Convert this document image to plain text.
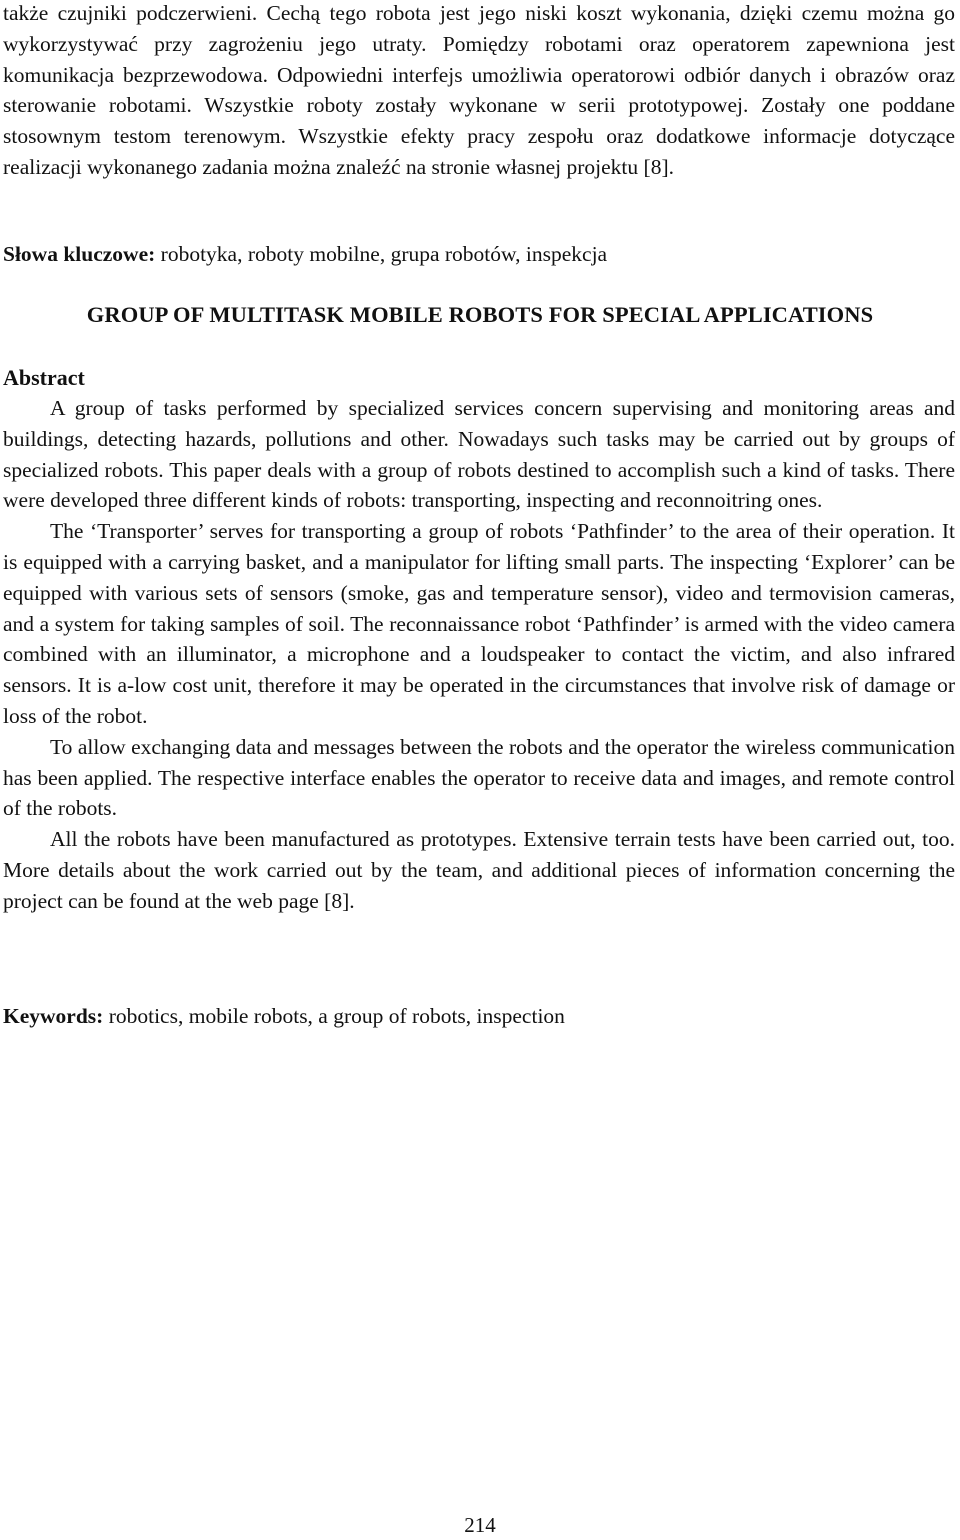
także czujniki podczerwieni. Cechą tego robota jest jego niski koszt wykonania, dzięki czemu można go wykorzystywać przy zagrożeniu jego utraty. Pomiędzy robotami oraz operatorem zapewniona jest komunikacja bezprzewodowa. Odpowiedni interfejs umożliwia operatorowi odbiór danych i obrazów oraz sterowanie robotami. Wszystkie roboty zostały wykonane w serii prototypowej. Zostały one poddane stosownym testom terenowym. Wszystkie efekty pracy zespołu oraz dodatkowe informacje dotyczące realizacji wykonanego zadania można znaleźć na stronie własnej projektu [8].

Słowa kluczowe: robotyka, roboty mobilne, grupa robotów, inspekcja

GROUP OF MULTITASK MOBILE ROBOTS FOR SPECIAL APPLICATIONS
Abstract

A group of tasks performed by specialized services concern supervising and monitoring areas and buildings, detecting hazards, pollutions and other. Nowadays such tasks may be carried out by groups of specialized robots. This paper deals with a group of robots destined to accomplish such a kind of tasks. There were developed three different kinds of robots: transporting, inspecting and reconnoitring ones.

The ‘Transporter’ serves for transporting a group of robots ‘Pathfinder’ to the area of their operation. It is equipped with a carrying basket, and a manipulator for lifting small parts. The inspecting ‘Explorer’ can be equipped with various sets of sensors (smoke, gas and temperature sensor), video and termovision cameras, and a system for taking samples of soil. The reconnaissance robot ‘Pathfinder’ is armed with the video camera combined with an illuminator, a microphone and a loudspeaker to contact the victim, and also infrared sensors. It is a-low cost unit, therefore it may be operated in the circumstances that involve risk of damage or loss of the robot.

To allow exchanging data and messages between the robots and the operator the wireless communication has been applied. The respective interface enables the operator to receive data and images, and remote control of the robots.

All the robots have been manufactured as prototypes. Extensive terrain tests have been carried out, too. More details about the work carried out by the team, and additional pieces of information concerning the project can be found at the web page [8].

Keywords: robotics, mobile robots, a group of robots, inspection

214
